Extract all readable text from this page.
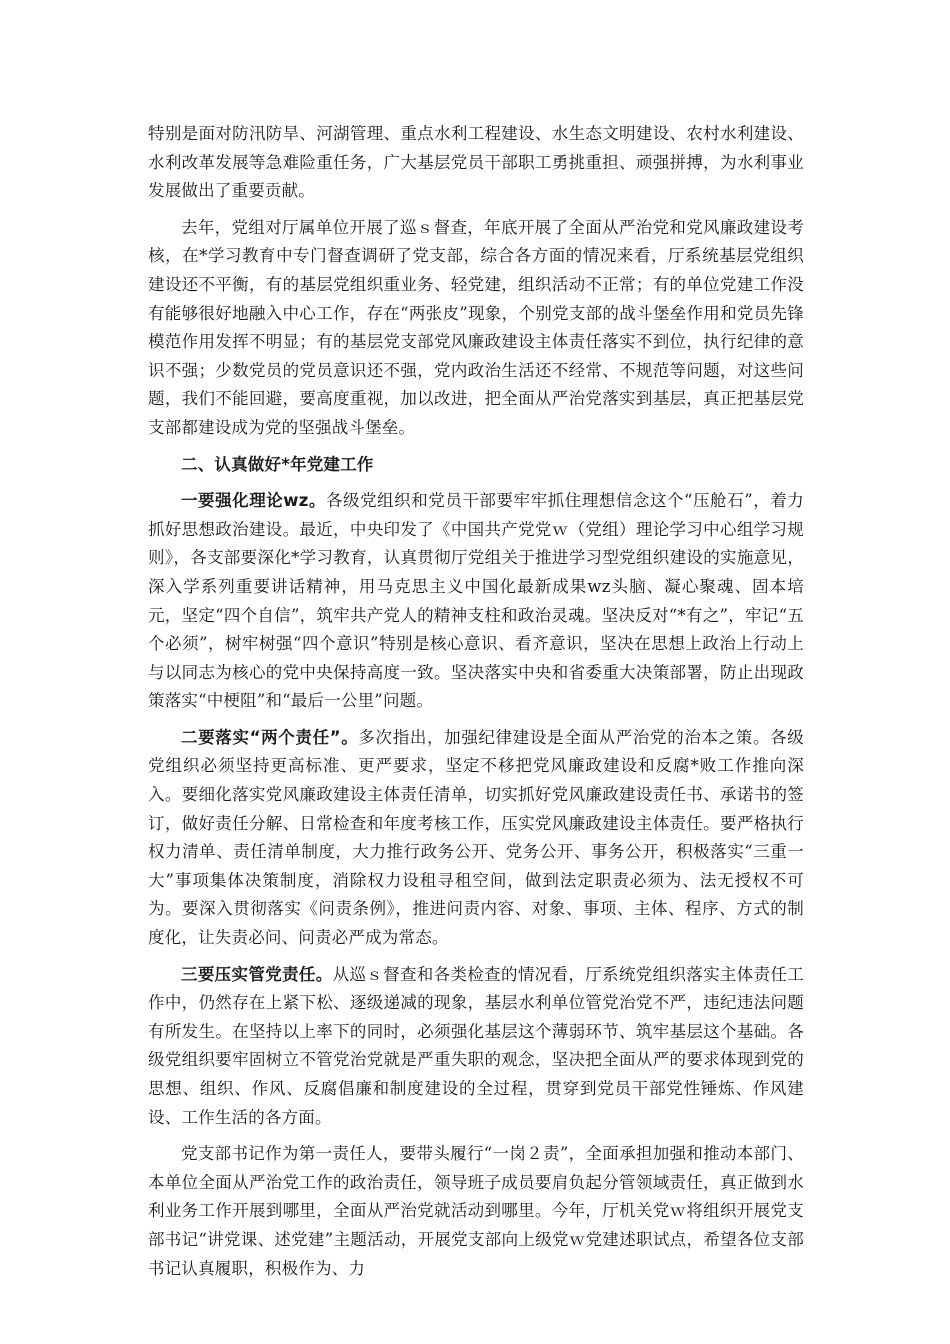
特别是面对防汛防旱、河湖管理、重点水利工程建设、水生态文明建设、农村水利建设、水利改革发展等急难险重任务，广大基层党员干部职工勇挑重担、顽强拼搏，为水利事业发展做出了重要贡献。

去年，党组对厅属单位开展了巡ｓ督查，年底开展了全面从严治党和党风廉政建设考核，在*学习教育中专门督查调研了党支部，综合各方面的情况来看，厅系统基层党组织建设还不平衡，有的基层党组织重业务、轻党建，组织活动不正常；有的单位党建工作没有能够很好地融入中心工作，存在“两张皮”现象，个别党支部的战斗堡垒作用和党员先锋模范作用发挥不明显；有的基层党支部党风廉政建设主体责任落实不到位，执行纪律的意识不强；少数党员的党员意识还不强，党内政治生活还不经常、不规范等问题，对这些问题，我们不能回避，要高度重视，加以改进，把全面从严治党落实到基层，真正把基层党支部都建设成为党的坚强战斗堡垒。

二、认真做好*年党建工作

一要强化理论wz。各级党组织和党员干部要牢牢抓住理想信念这个“压舱石”，着力抓好思想政治建设。最近，中央印发了《中国共产党党ｗ（党组）理论学习中心组学习规则》，各支部要深化*学习教育，认真贯彻厅党组关于推进学习型党组织建设的实施意见，深入学系列重要讲话精神，用马克思主义中国化最新成果wz头脑、凝心聚魂、固本培元，坚定“四个自信”，筑牢共产党人的精神支柱和政治灵魂。坚决反对“*有之”，牢记“五个必须”，树牢树强“四个意识”特别是核心意识、看齐意识，坚决在思想上政治上行动上与以同志为核心的党中央保持高度一致。坚决落实中央和省委重大决策部署，防止出现政策落实“中梗阻”和“最后一公里”问题。

二要落实“两个责任”。多次指出，加强纪律建设是全面从严治党的治本之策。各级党组织必须坚持更高标准、更严要求，坚定不移把党风廉政建设和反腐*败工作推向深入。要细化落实党风廉政建设主体责任清单，切实抓好党风廉政建设责任书、承诺书的签订，做好责任分解、日常检查和年度考核工作，压实党风廉政建设主体责任。要严格执行权力清单、责任清单制度，大力推行政务公开、党务公开、事务公开，积极落实“三重一大”事项集体决策制度，消除权力设租寻租空间，做到法定职责必须为、法无授权不可为。要深入贯彻落实《问责条例》，推进问责内容、对象、事项、主体、程序、方式的制度化，让失责必问、问责必严成为常态。

三要压实管党责任。从巡ｓ督查和各类检查的情况看，厅系统党组织落实主体责任工作中，仍然存在上紧下松、逐级递减的现象，基层水利单位管党治党不严，违纪违法问题有所发生。在坚持以上率下的同时，必须强化基层这个薄弱环节、筑牢基层这个基础。各级党组织要牢固树立不管党治党就是严重失职的观念，坚决把全面从严的要求体现到党的思想、组织、作风、反腐倡廉和制度建设的全过程，贯穿到党员干部党性锤炼、作风建设、工作生活的各方面。

党支部书记作为第一责任人，要带头履行“一岗２责”，全面承担加强和推动本部门、本单位全面从严治党工作的政治责任，领导班子成员要肩负起分管领域责任，真正做到水利业务工作开展到哪里，全面从严治党就活动到哪里。今年，厅机关党ｗ将组织开展党支部书记“讲党课、述党建”主题活动，开展党支部向上级党ｗ党建述职试点，希望各位支部书记认真履职，积极作为、力
